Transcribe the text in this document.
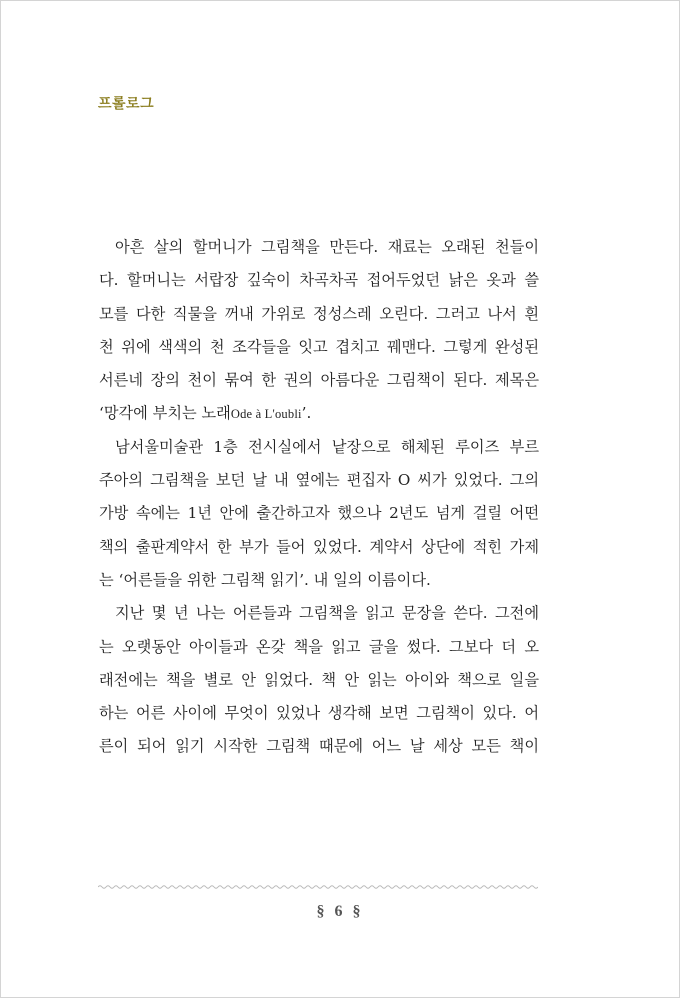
프롤로그
아흔 살의 할머니가 그림책을 만든다. 재료는 오래된 천들이
다. 할머니는 서랍장 깊숙이 차곡차곡 접어두었던 낡은 옷과 쓸
모를 다한 직물을 꺼내 가위로 정성스레 오린다. 그러고 나서 흰
천 위에 색색의 천 조각들을 잇고 겹치고 꿰맨다. 그렇게 완성된
서른네 장의 천이 묶여 한 권의 아름다운 그림책이 된다. 제목은
‘망각에 부치는 노래Ode à L'oubli’.
남서울미술관 1층 전시실에서 낱장으로 해체된 루이즈 부르
주아의 그림책을 보던 날 내 옆에는 편집자 O 씨가 있었다. 그의
가방 속에는 1년 안에 출간하고자 했으나 2년도 넘게 걸릴 어떤
책의 출판계약서 한 부가 들어 있었다. 계약서 상단에 적힌 가제
는 ‘어른들을 위한 그림책 읽기’. 내 일의 이름이다.
지난 몇 년 나는 어른들과 그림책을 읽고 문장을 쓴다. 그전에
는 오랫동안 아이들과 온갖 책을 읽고 글을 썼다. 그보다 더 오
래전에는 책을 별로 안 읽었다. 책 안 읽는 아이와 책으로 일을
하는 어른 사이에 무엇이 있었나 생각해 보면 그림책이 있다. 어
른이 되어 읽기 시작한 그림책 때문에 어느 날 세상 모든 책이
§ 6 §
